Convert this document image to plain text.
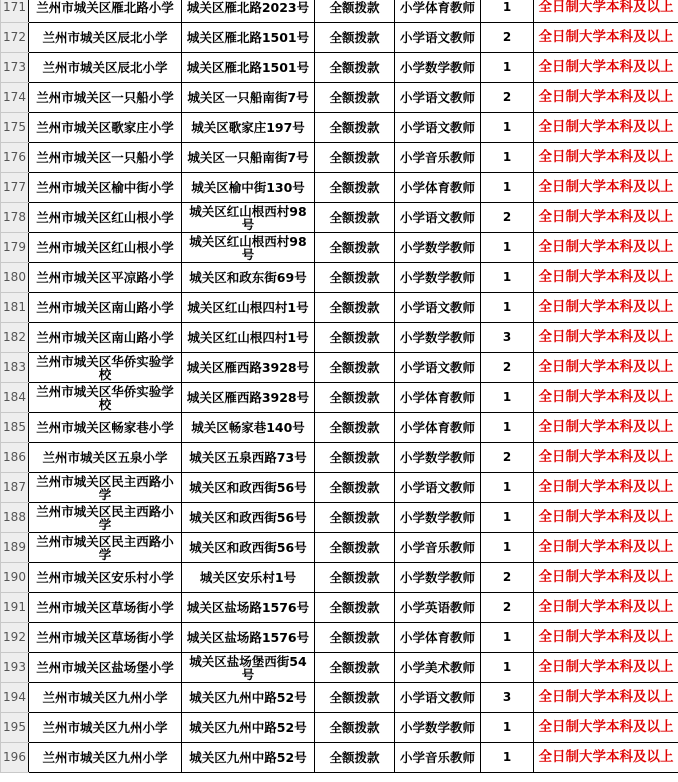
171	兰州市城关区雁北路小学	城关区雁北路2023号	全额拨款	小学体育教师	1	全日制大学本科及以上
172	兰州市城关区辰北小学	城关区雁北路1501号	全额拨款	小学语文教师	2	全日制大学本科及以上
173	兰州市城关区辰北小学	城关区雁北路1501号	全额拨款	小学数学教师	1	全日制大学本科及以上
174	兰州市城关区一只船小学	城关区一只船南街7号	全额拨款	小学语文教师	2	全日制大学本科及以上
175	兰州市城关区歌家庄小学	城关区歌家庄197号	全额拨款	小学语文教师	1	全日制大学本科及以上
176	兰州市城关区一只船小学	城关区一只船南街7号	全额拨款	小学音乐教师	1	全日制大学本科及以上
177	兰州市城关区榆中街小学	城关区榆中街130号	全额拨款	小学体育教师	1	全日制大学本科及以上
178	兰州市城关区红山根小学	城关区红山根西村98号	全额拨款	小学语文教师	2	全日制大学本科及以上
179	兰州市城关区红山根小学	城关区红山根西村98号	全额拨款	小学数学教师	1	全日制大学本科及以上
180	兰州市城关区平凉路小学	城关区和政东街69号	全额拨款	小学数学教师	1	全日制大学本科及以上
181	兰州市城关区南山路小学	城关区红山根四村1号	全额拨款	小学语文教师	1	全日制大学本科及以上
182	兰州市城关区南山路小学	城关区红山根四村1号	全额拨款	小学数学教师	3	全日制大学本科及以上
183	兰州市城关区华侨实验学校	城关区雁西路3928号	全额拨款	小学语文教师	2	全日制大学本科及以上
184	兰州市城关区华侨实验学校	城关区雁西路3928号	全额拨款	小学体育教师	1	全日制大学本科及以上
185	兰州市城关区畅家巷小学	城关区畅家巷140号	全额拨款	小学体育教师	1	全日制大学本科及以上
186	兰州市城关区五泉小学	城关区五泉西路73号	全额拨款	小学数学教师	2	全日制大学本科及以上
187	兰州市城关区民主西路小学	城关区和政西街56号	全额拨款	小学语文教师	1	全日制大学本科及以上
188	兰州市城关区民主西路小学	城关区和政西街56号	全额拨款	小学数学教师	1	全日制大学本科及以上
189	兰州市城关区民主西路小学	城关区和政西街56号	全额拨款	小学音乐教师	1	全日制大学本科及以上
190	兰州市城关区安乐村小学	城关区安乐村1号	全额拨款	小学数学教师	2	全日制大学本科及以上
191	兰州市城关区草场街小学	城关区盐场路1576号	全额拨款	小学英语教师	2	全日制大学本科及以上
192	兰州市城关区草场街小学	城关区盐场路1576号	全额拨款	小学体育教师	1	全日制大学本科及以上
193	兰州市城关区盐场堡小学	城关区盐场堡西街54号	全额拨款	小学美术教师	1	全日制大学本科及以上
194	兰州市城关区九州小学	城关区九州中路52号	全额拨款	小学语文教师	3	全日制大学本科及以上
195	兰州市城关区九州小学	城关区九州中路52号	全额拨款	小学数学教师	1	全日制大学本科及以上
196	兰州市城关区九州小学	城关区九州中路52号	全额拨款	小学音乐教师	1	全日制大学本科及以上
